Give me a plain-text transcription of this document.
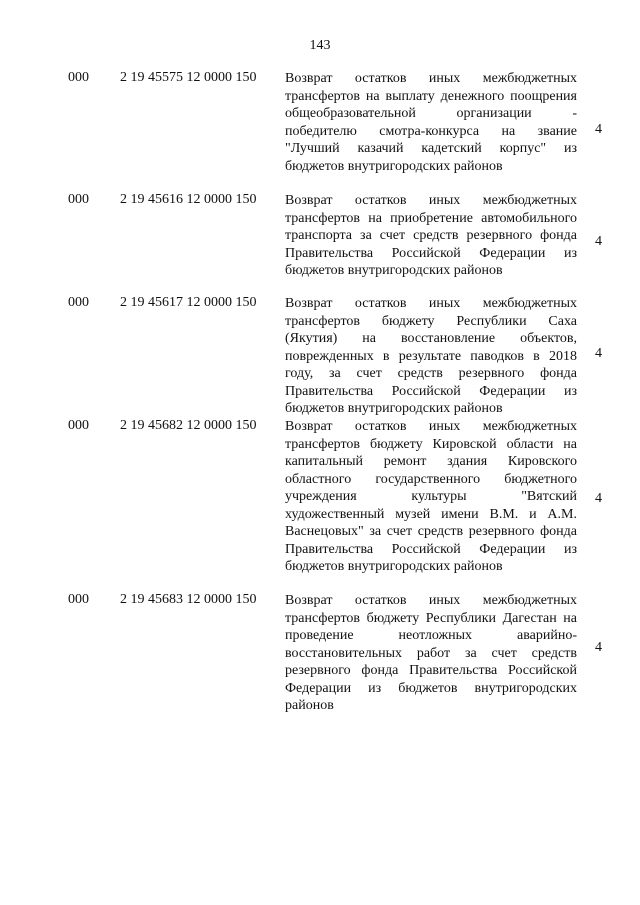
143
000 2 19 45575 12 0000 150 Возврат остатков иных межбюджетных трансфертов на выплату денежного поощрения общеобразовательной организации - победителю смотра-конкурса на звание "Лучший казачий кадетский корпус" из бюджетов внутригородских районов
4
000 2 19 45616 12 0000 150 Возврат остатков иных межбюджетных трансфертов на приобретение автомобильного транспорта за счет средств резервного фонда Правительства Российской Федерации из бюджетов внутригородских районов
4
000 2 19 45617 12 0000 150 Возврат остатков иных межбюджетных трансфертов бюджету Республики Саха (Якутия) на восстановление объектов, поврежденных в результате паводков в 2018 году, за счет средств резервного фонда Правительства Российской Федерации из бюджетов внутригородских районов
4
000 2 19 45682 12 0000 150 Возврат остатков иных межбюджетных трансфертов бюджету Кировской области на капитальный ремонт здания Кировского областного государственного бюджетного учреждения культуры "Вятский художественный музей имени В.М. и А.М. Васнецовых" за счет средств резервного фонда Правительства Российской Федерации из бюджетов внутригородских районов
4
000 2 19 45683 12 0000 150 Возврат остатков иных межбюджетных трансфертов бюджету Республики Дагестан на проведение неотложных аварийно-восстановительных работ за счет средств резервного фонда Правительства Российской Федерации из бюджетов внутригородских районов
4
